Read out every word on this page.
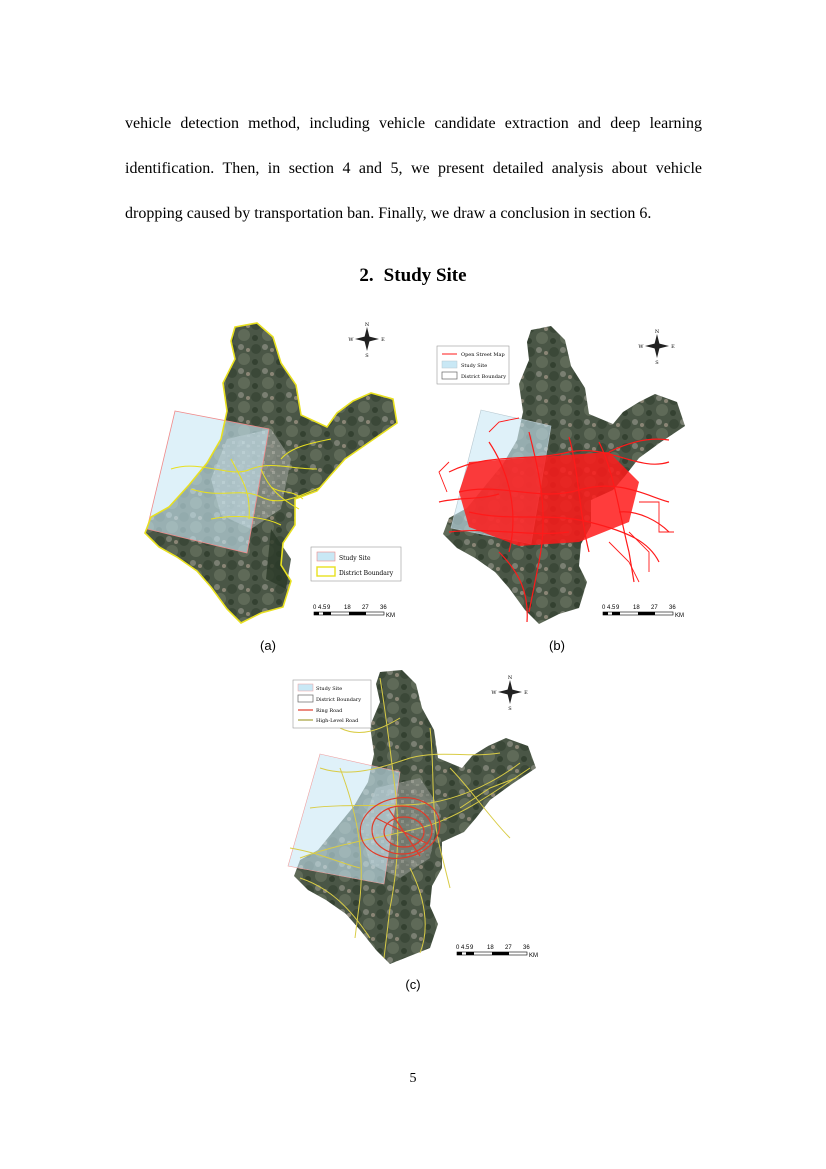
vehicle detection method, including vehicle candidate extraction and deep learning
identification. Then, in section 4 and 5, we present detailed analysis about vehicle
dropping caused by transportation ban. Finally, we draw a conclusion in section 6.
2. Study Site
N
S
W	E
Study Site
District Boundary
0 4.5 9 18 27 36
KM
(a)
N
S
W	E
Open Street Map
Study Site
District Boundary
0 4.5 9 18 27 36
KM
(b)
N
S
W	E
Study Site
District Boundary
Ring Road
High-Level Road
0 4.5 9 18 27 36
KM
(c)
5
